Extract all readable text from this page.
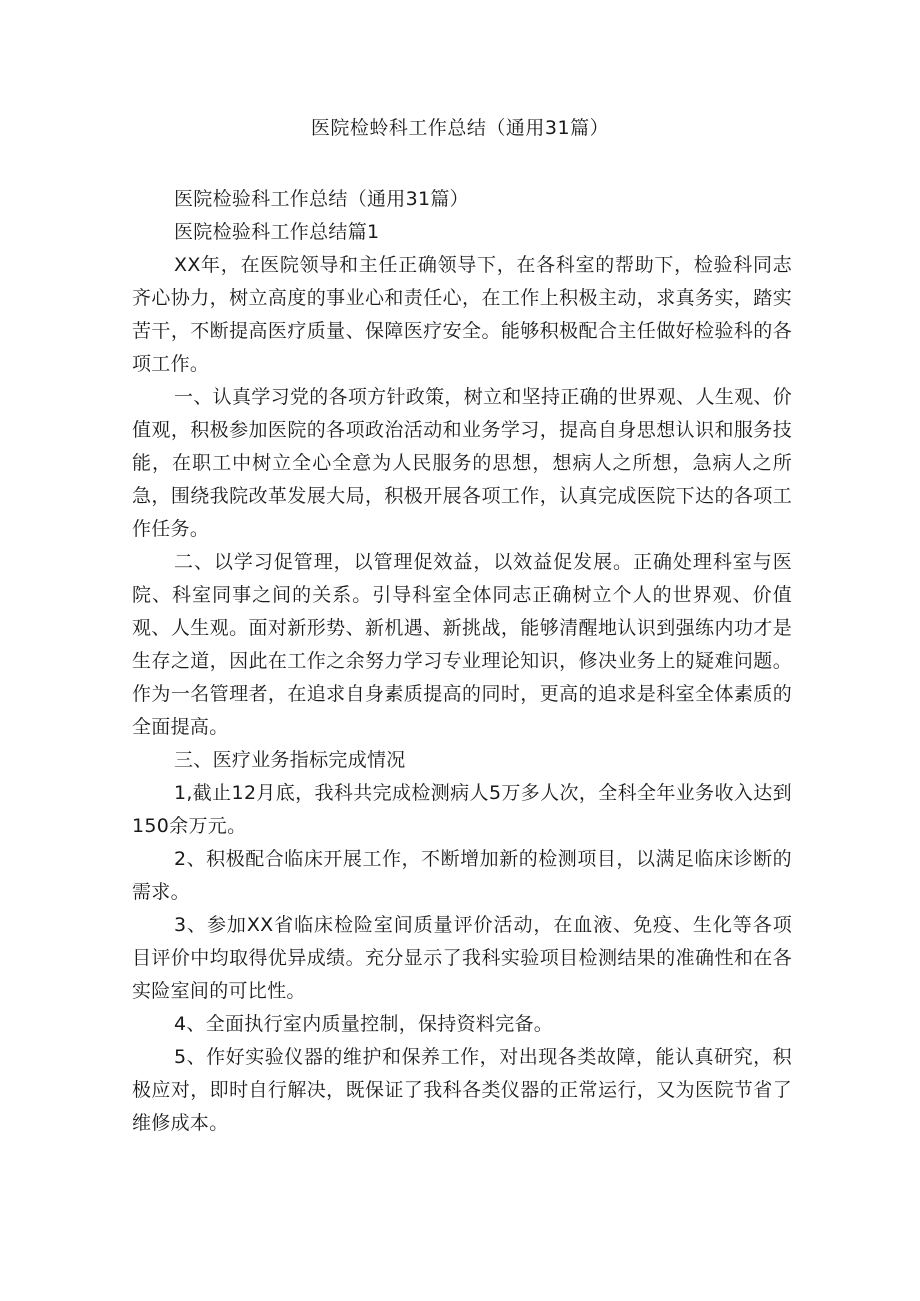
医院检蛉科工作总结（通用31篇）

医院检验科工作总结（通用31篇）

医院检验科工作总结篇1

XX年，在医院领导和主任正确领导下，在各科室的帮助下，检验科同志齐心协力，树立高度的事业心和责任心，在工作上积极主动，求真务实，踏实苦干，不断提高医疗质量、保障医疗安全。能够积极配合主任做好检验科的各项工作。

一、认真学习党的各项方针政策，树立和坚持正确的世界观、人生观、价值观，积极参加医院的各项政治活动和业务学习，提高自身思想认识和服务技能，在职工中树立全心全意为人民服务的思想，想病人之所想，急病人之所急，围绕我院改革发展大局，积极开展各项工作，认真完成医院下达的各项工作任务。

二、以学习促管理，以管理促效益，以效益促发展。正确处理科室与医院、科室同事之间的关系。引导科室全体同志正确树立个人的世界观、价值观、人生观。面对新形势、新机遇、新挑战，能够清醒地认识到强练内功才是生存之道，因此在工作之余努力学习专业理论知识，修决业务上的疑难问题。作为一名管理者，在追求自身素质提高的同时，更高的追求是科室全体素质的全面提高。

三、医疗业务指标完成情况

1,截止12月底，我科共完成检测病人5万多人次，全科全年业务收入达到150余万元。

2、积极配合临床开展工作，不断增加新的检测项目，以满足临床诊断的需求。

3、参加XX省临床检险室间质量评价活动，在血液、免疫、生化等各项目评价中均取得优异成绩。充分显示了我科实验项目检测结果的准确性和在各实险室间的可比性。

4、全面执行室内质量控制，保持资料完备。

5、作好实验仪器的维护和保养工作，对出现各类故障，能认真研究，积极应对，即时自行解决，既保证了我科各类仪器的正常运行，又为医院节省了维修成本。
